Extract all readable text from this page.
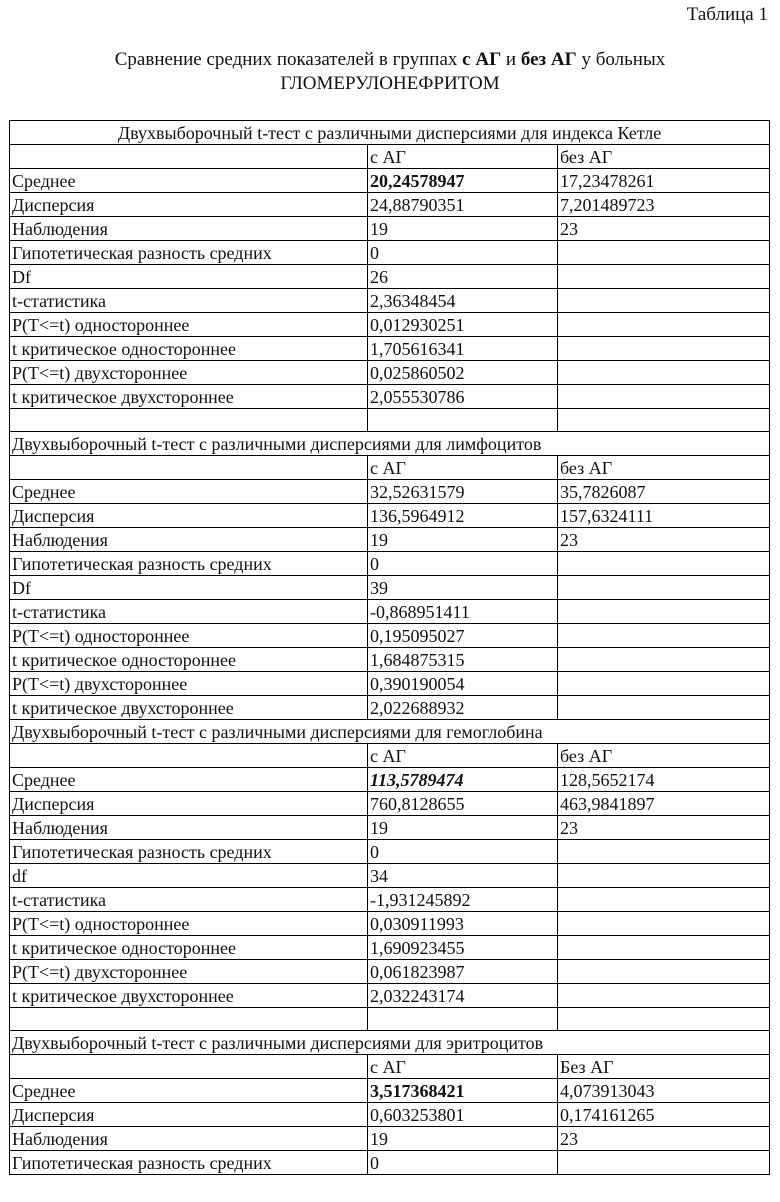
Таблица 1
Сравнение средних показателей в группах с АГ и без АГ у больных
ГЛОМЕРУЛОНЕФРИТОМ
Двухвыборочный t-тест с различными дисперсиями для индекса Кетле		
	с АГ	без АГ
Среднее	20,24578947	17,23478261
Дисперсия	24,88790351	7,201489723
Наблюдения	19	23
Гипотетическая разность средних	0	
Df	26	
t-статистика	2,36348454	
P(T<=t) одностороннее	0,012930251	
t критическое одностороннее	1,705616341	
P(T<=t) двухстороннее	0,025860502	
t критическое двухстороннее	2,055530786	

Двухвыборочный t-тест с различными дисперсиями для лимфоцитов		
	с АГ	без АГ
Среднее	32,52631579	35,7826087
Дисперсия	136,5964912	157,6324111
Наблюдения	19	23
Гипотетическая разность средних	0	
Df	39	
t-статистика	-0,868951411	
P(T<=t) одностороннее	0,195095027	
t критическое одностороннее	1,684875315	
P(T<=t) двухстороннее	0,390190054	
t критическое двухстороннее	2,022688932	
Двухвыборочный t-тест с различными дисперсиями для гемоглобина		
	с АГ	без АГ
Среднее	113,5789474	128,5652174
Дисперсия	760,8128655	463,9841897
Наблюдения	19	23
Гипотетическая разность средних	0	
df	34	
t-статистика	-1,931245892	
P(T<=t) одностороннее	0,030911993	
t критическое одностороннее	1,690923455	
P(T<=t) двухстороннее	0,061823987	
t критическое двухстороннее	2,032243174	

Двухвыборочный t-тест с различными дисперсиями для эритроцитов		
	с АГ	Без АГ
Среднее	3,517368421	4,073913043
Дисперсия	0,603253801	0,174161265
Наблюдения	19	23
Гипотетическая разность средних	0	
